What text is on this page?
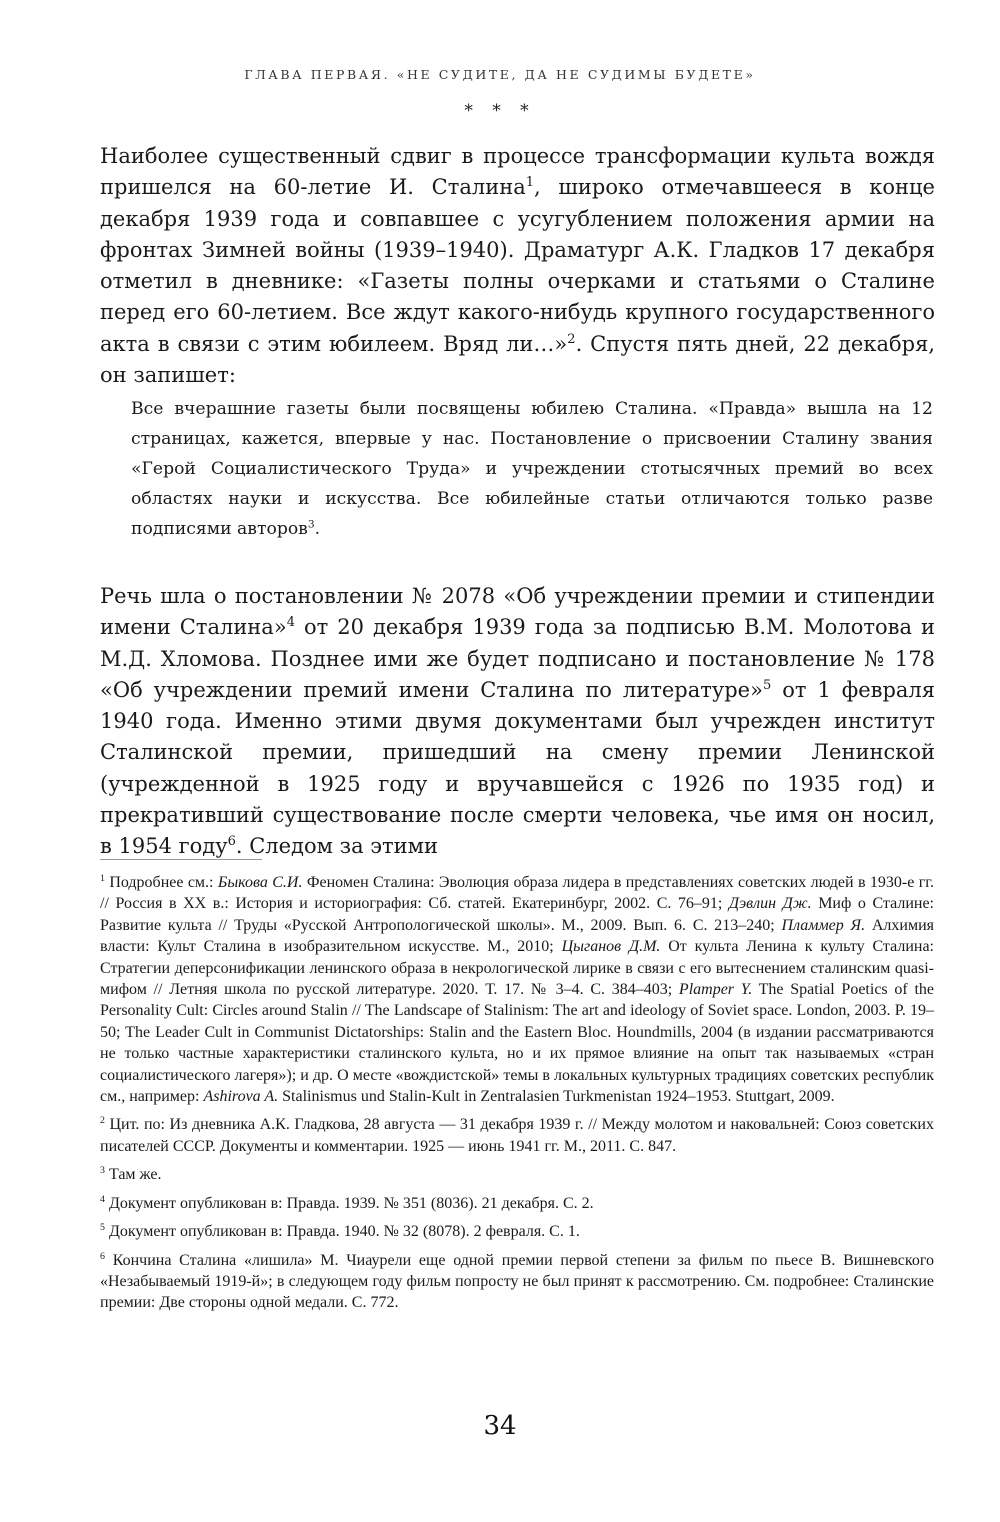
ГЛАВА ПЕРВАЯ. «НЕ СУДИТЕ, ДА НЕ СУДИМЫ БУДЕТЕ»
* * *

Наиболее существенный сдвиг в процессе трансформации культа вождя пришелся на 60-летие И. Сталина$^1$, широко отмечавшееся в конце декабря 1939 года и совпавшее с усугублением положения армии на фронтах Зимней войны (1939–1940). Драматург А.К. Гладков 17 декабря отметил в дневнике: «Газеты полны очерками и статьями о Сталине перед его 60-летием. Все ждут какого-нибудь крупного государственного акта в связи с этим юбилеем. Вряд ли…»$^2$. Спустя пять дней, 22 декабря, он запишет:

Все вчерашние газеты были посвящены юбилею Сталина. «Правда» вышла на 12 страницах, кажется, впервые у нас. Постановление о присвоении Сталину звания «Герой Социалистического Труда» и учреждении стотысячных премий во всех областях науки и искусства. Все юбилейные статьи отличаются только разве подписями авторов$^3$.

Речь шла о постановлении № 2078 «Об учреждении премии и стипендии имени Сталина»$^4$ от 20 декабря 1939 года за подписью В.М. Молотова и М.Д. Хломова. Позднее ими же будет подписано и постановление № 178 «Об учреждении премий имени Сталина по литературе»$^5$ от 1 февраля 1940 года. Именно этими двумя документами был учрежден институт Сталинской премии, пришедший на смену премии Ленинской (учрежденной в 1925 году и вручавшейся с 1926 по 1935 год) и прекративший существование после смерти человека, чье имя он носил, в 1954 году$^6$. Следом за этими

$^1$ Подробнее см.: Быкова С.И. Феномен Сталина: Эволюция образа лидера в представлениях советских людей в 1930-е гг. // Россия в XX в.: История и историография: Сб. статей. Екатеринбург, 2002. С. 76–91; Дэвлин Дж. Миф о Сталине: Развитие культа // Труды «Русской Антропологической школы». М., 2009. Вып. 6. С. 213–240; Пламмер Я. Алхимия власти: Культ Сталина в изобразительном искусстве. М., 2010; Цыганов Д.М. От культа Ленина к культу Сталина: Стратегии деперсонификации ленинского образа в некрологической лирике в связи с его вытеснением сталинским quasi-мифом // Летняя школа по русской литературе. 2020. Т. 17. № 3–4. С. 384–403; Plamper Y. The Spatial Poetics of the Personality Cult: Circles around Stalin // The Landscape of Stalinism: The art and ideology of Soviet space. London, 2003. P. 19–50; The Leader Cult in Communist Dictatorships: Stalin and the Eastern Bloc. Houndmills, 2004 (в издании рассматриваются не только частные характеристики сталинского культа, но и их прямое влияние на опыт так называемых «стран социалистического лагеря»); и др. О месте «вождистской» темы в локальных культурных традициях советских республик см., например: Ashirova A. Stalinismus und Stalin-Kult in Zentralasien Turkmenistan 1924–1953. Stuttgart, 2009.
$^2$ Цит. по: Из дневника А.К. Гладкова, 28 августа — 31 декабря 1939 г. // Между молотом и наковальней: Союз советских писателей СССР. Документы и комментарии. 1925 — июнь 1941 гг. М., 2011. С. 847.
$^3$ Там же.
$^4$ Документ опубликован в: Правда. 1939. № 351 (8036). 21 декабря. С. 2.
$^5$ Документ опубликован в: Правда. 1940. № 32 (8078). 2 февраля. С. 1.
$^6$ Кончина Сталина «лишила» М. Чиаурели еще одной премии первой степени за фильм по пьесе В. Вишневского «Незабываемый 1919-й»; в следующем году фильм попросту не был принят к рассмотрению. См. подробнее: Сталинские премии: Две стороны одной медали. С. 772.
34
